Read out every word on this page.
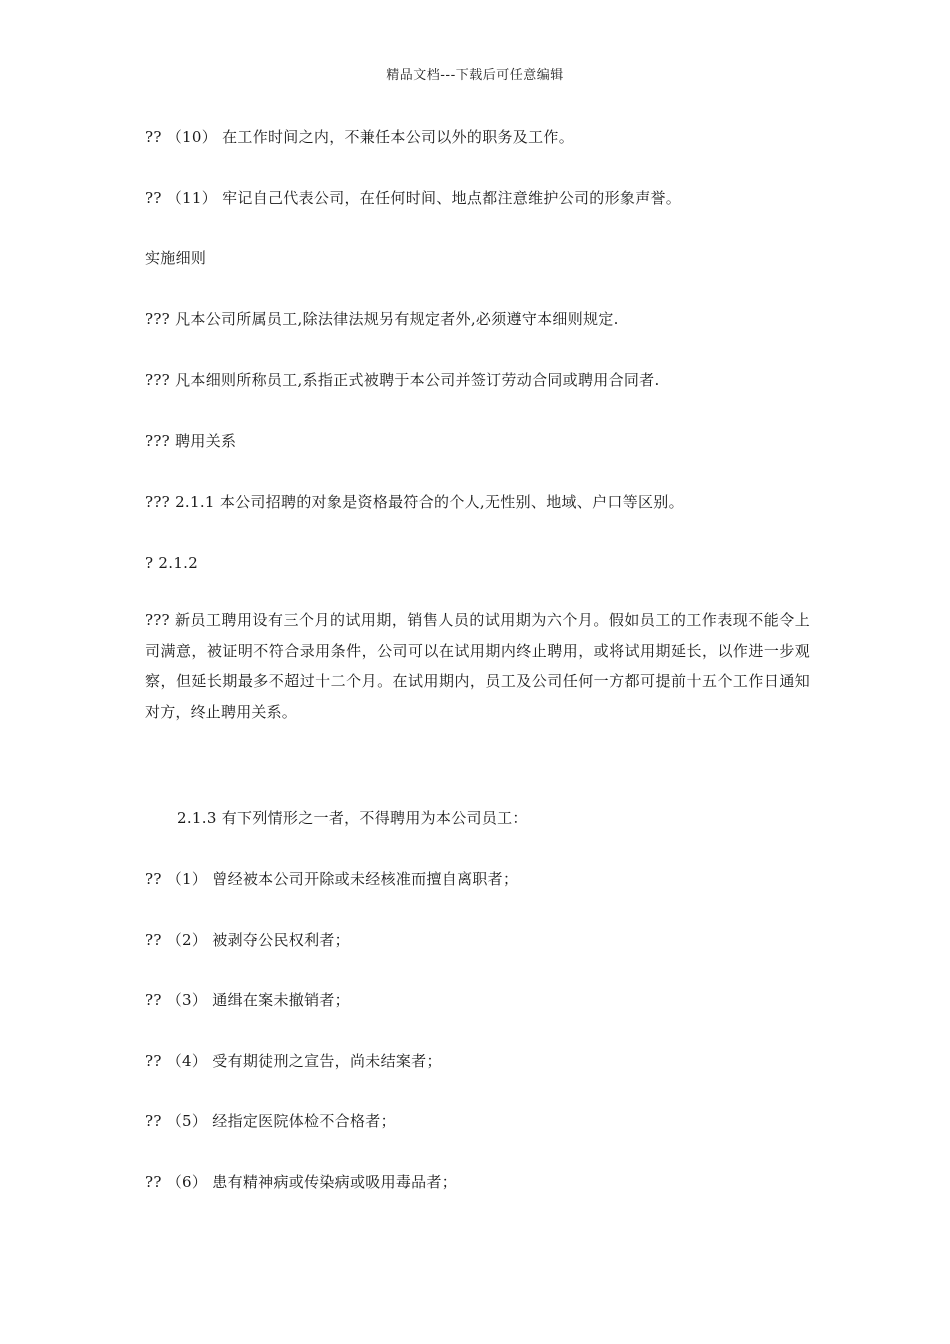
精品文档---下载后可任意编辑
?? （10） 在工作时间之内，不兼任本公司以外的职务及工作。
?? （11） 牢记自己代表公司，在任何时间、地点都注意维护公司的形象声誉。
实施细则
??? 凡本公司所属员工,除法律法规另有规定者外,必须遵守本细则规定.
??? 凡本细则所称员工,系指正式被聘于本公司并签订劳动合同或聘用合同者.
??? 聘用关系
??? 2.1.1 本公司招聘的对象是资格最符合的个人,无性别、地域、户口等区别。
? 2.1.2
??? 新员工聘用设有三个月的试用期，销售人员的试用期为六个月。假如员工的工作表现不能令上司满意，被证明不符合录用条件，公司可以在试用期内终止聘用，或将试用期延长，以作进一步观察，但延长期最多不超过十二个月。在试用期内，员工及公司任何一方都可提前十五个工作日通知对方，终止聘用关系。
2.1.3 有下列情形之一者，不得聘用为本公司员工：
?? （1） 曾经被本公司开除或未经核准而擅自离职者；
?? （2） 被剥夺公民权利者；
?? （3） 通缉在案未撤销者；
?? （4） 受有期徒刑之宣告，尚未结案者；
?? （5） 经指定医院体检不合格者；
?? （6） 患有精神病或传染病或吸用毒品者；
